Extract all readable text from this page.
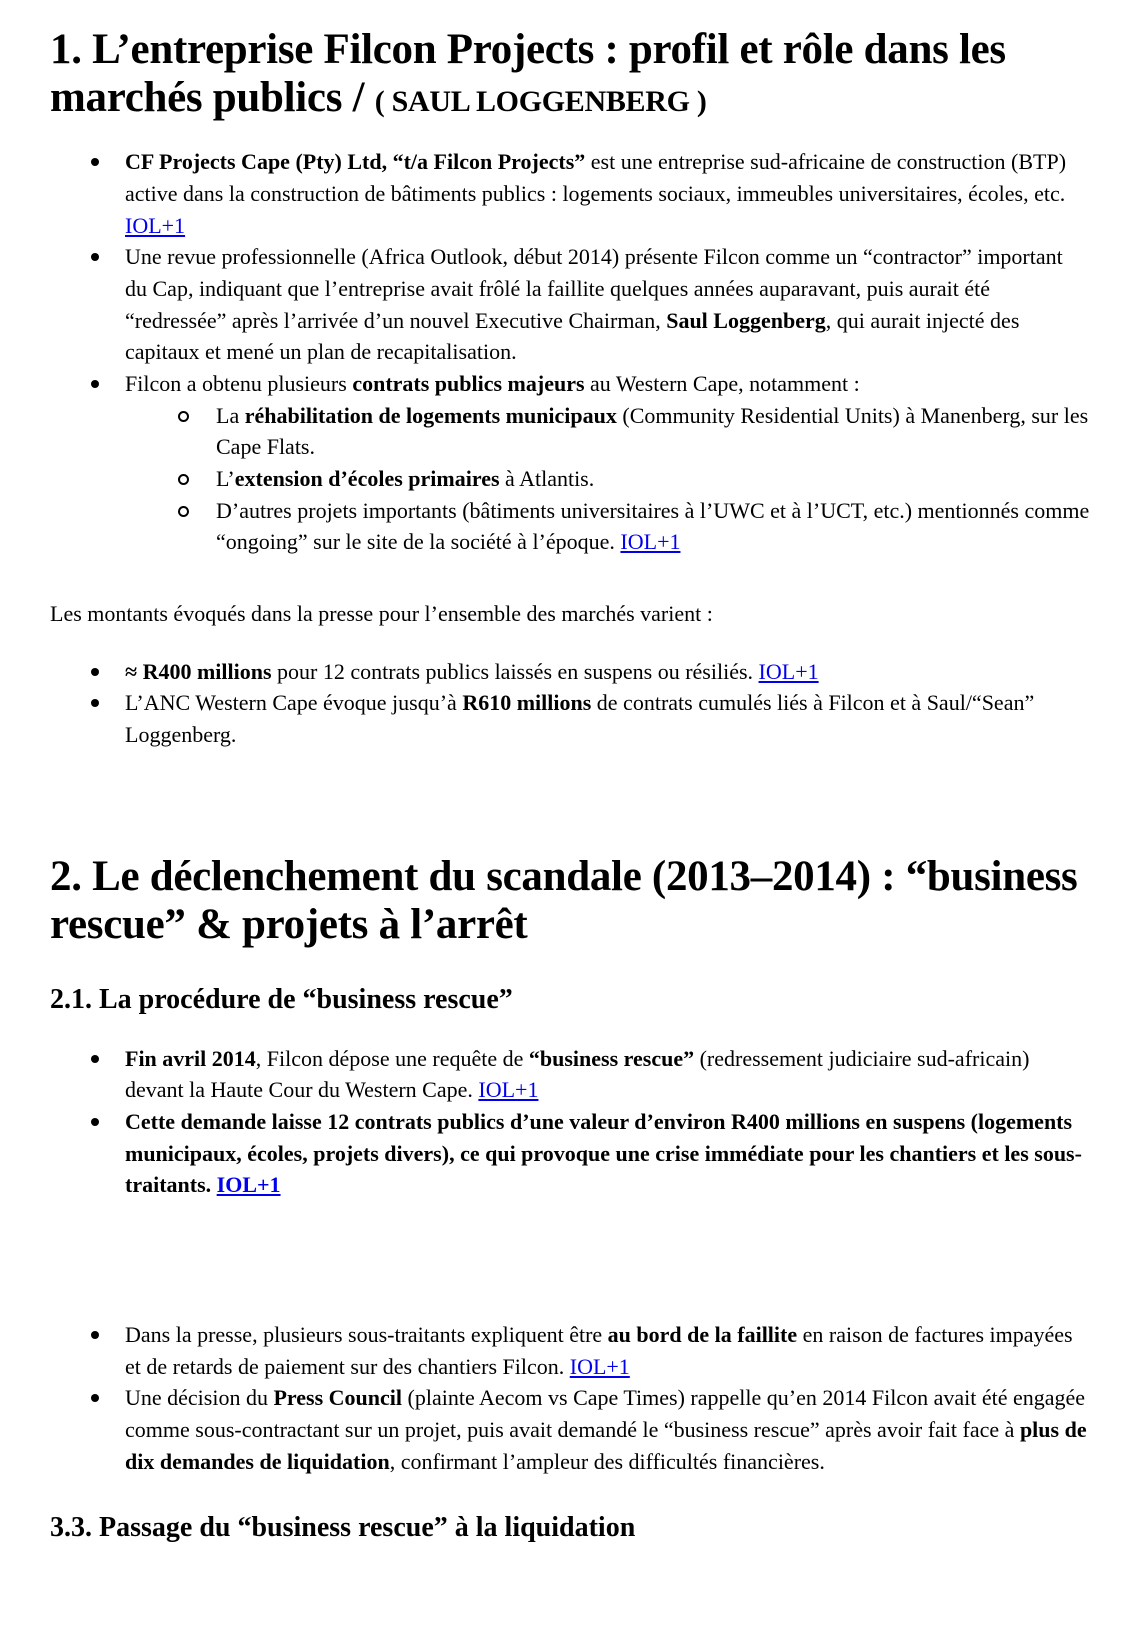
1. L’entreprise Filcon Projects : profil et rôle dans les marchés publics / ( SAUL LOGGENBERG )
CF Projects Cape (Pty) Ltd, “t/a Filcon Projects” est une entreprise sud-africaine de construction (BTP) active dans la construction de bâtiments publics : logements sociaux, immeubles universitaires, écoles, etc. IOL+1
Une revue professionnelle (Africa Outlook, début 2014) présente Filcon comme un “contractor” important du Cap, indiquant que l’entreprise avait frôlé la faillite quelques années auparavant, puis aurait été “redressée” après l’arrivée d’un nouvel Executive Chairman, Saul Loggenberg, qui aurait injecté des capitaux et mené un plan de recapitalisation.
Filcon a obtenu plusieurs contrats publics majeurs au Western Cape, notamment :
La réhabilitation de logements municipaux (Community Residential Units) à Manenberg, sur les Cape Flats.
L’extension d’écoles primaires à Atlantis.
D’autres projets importants (bâtiments universitaires à l’UWC et à l’UCT, etc.) mentionnés comme “ongoing” sur le site de la société à l’époque. IOL+1

Les montants évoqués dans la presse pour l’ensemble des marchés varient :

≈ R400 millions pour 12 contrats publics laissés en suspens ou résiliés. IOL+1
L’ANC Western Cape évoque jusqu’à R610 millions de contrats cumulés liés à Filcon et à Saul/“Sean” Loggenberg.
2. Le déclenchement du scandale (2013–2014) : “business rescue” & projets à l’arrêt
2.1. La procédure de “business rescue”
Fin avril 2014, Filcon dépose une requête de “business rescue” (redressement judiciaire sud-africain) devant la Haute Cour du Western Cape. IOL+1
Cette demande laisse 12 contrats publics d’une valeur d’environ R400 millions en suspens (logements municipaux, écoles, projets divers), ce qui provoque une crise immédiate pour les chantiers et les sous-traitants. IOL+1
Dans la presse, plusieurs sous-traitants expliquent être au bord de la faillite en raison de factures impayées et de retards de paiement sur des chantiers Filcon. IOL+1
Une décision du Press Council (plainte Aecom vs Cape Times) rappelle qu’en 2014 Filcon avait été engagée comme sous-contractant sur un projet, puis avait demandé le “business rescue” après avoir fait face à plus de dix demandes de liquidation, confirmant l’ampleur des difficultés financières.
3.3. Passage du “business rescue” à la liquidation
